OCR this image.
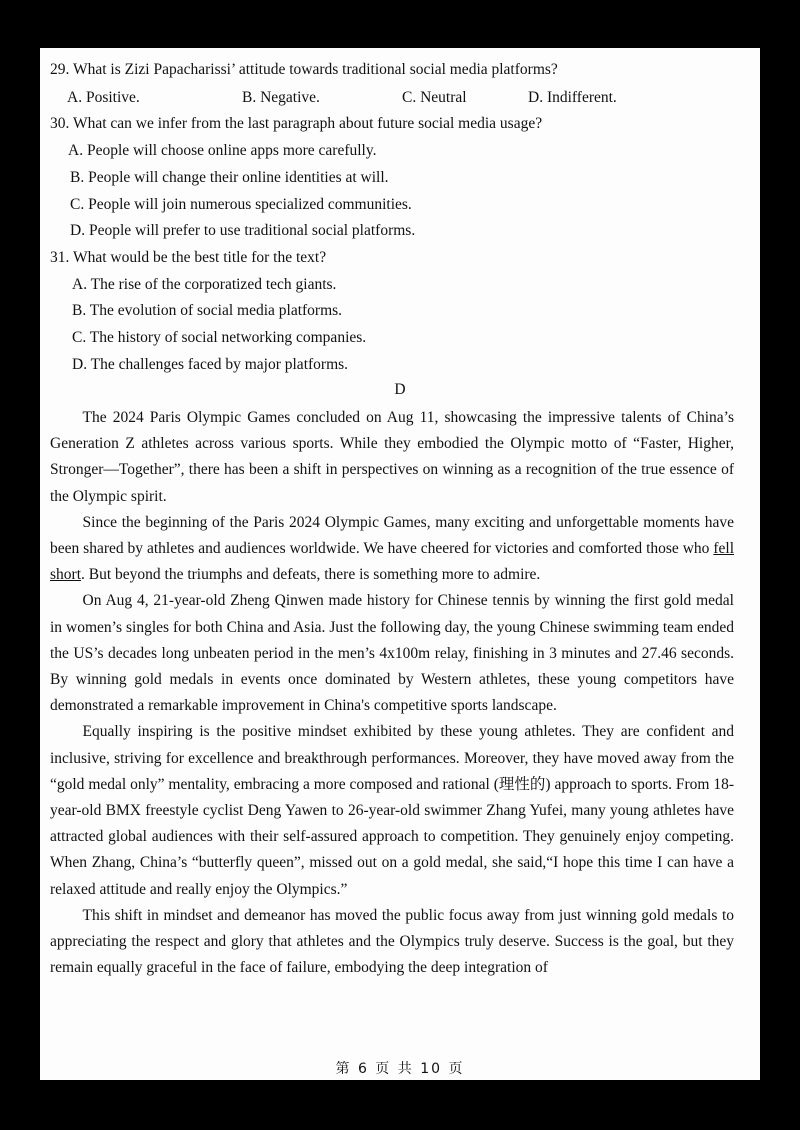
29. What is Zizi Papacharissi’ attitude towards traditional social media platforms?
A. Positive.	B. Negative.	C. Neutral	D. Indifferent.
30. What can we infer from the last paragraph about future social media usage?
A. People will choose online apps more carefully.
B. People will change their online identities at will.
C. People will join numerous specialized communities.
D. People will prefer to use traditional social platforms.
31. What would be the best title for the text?
A. The rise of the corporatized tech giants.
B. The evolution of social media platforms.
C. The history of social networking companies.
D. The challenges faced by major platforms.
D

The 2024 Paris Olympic Games concluded on Aug 11, showcasing the impressive talents of China’s Generation Z athletes across various sports. While they embodied the Olympic motto of “Faster, Higher, Stronger—Together”, there has been a shift in perspectives on winning as a recognition of the true essence of the Olympic spirit.

Since the beginning of the Paris 2024 Olympic Games, many exciting and unforgettable moments have been shared by athletes and audiences worldwide. We have cheered for victories and comforted those who fell short. But beyond the triumphs and defeats, there is something more to admire.

On Aug 4, 21-year-old Zheng Qinwen made history for Chinese tennis by winning the first gold medal in women’s singles for both China and Asia. Just the following day, the young Chinese swimming team ended the US’s decades long unbeaten period in the men’s 4x100m relay, finishing in 3 minutes and 27.46 seconds. By winning gold medals in events once dominated by Western athletes, these young competitors have demonstrated a remarkable improvement in China's competitive sports landscape.

Equally inspiring is the positive mindset exhibited by these young athletes. They are confident and inclusive, striving for excellence and breakthrough performances. Moreover, they have moved away from the “gold medal only” mentality, embracing a more composed and rational (理性的) approach to sports. From 18-year-old BMX freestyle cyclist Deng Yawen to 26-year-old swimmer Zhang Yufei, many young athletes have attracted global audiences with their self-assured approach to competition. They genuinely enjoy competing. When Zhang, China’s “butterfly queen”, missed out on a gold medal, she said,“I hope this time I can have a relaxed attitude and really enjoy the Olympics.”

This shift in mindset and demeanor has moved the public focus away from just winning gold medals to appreciating the respect and glory that athletes and the Olympics truly deserve. Success is the goal, but they remain equally graceful in the face of failure, embodying the deep integration of

第 6 页 共 10 页
